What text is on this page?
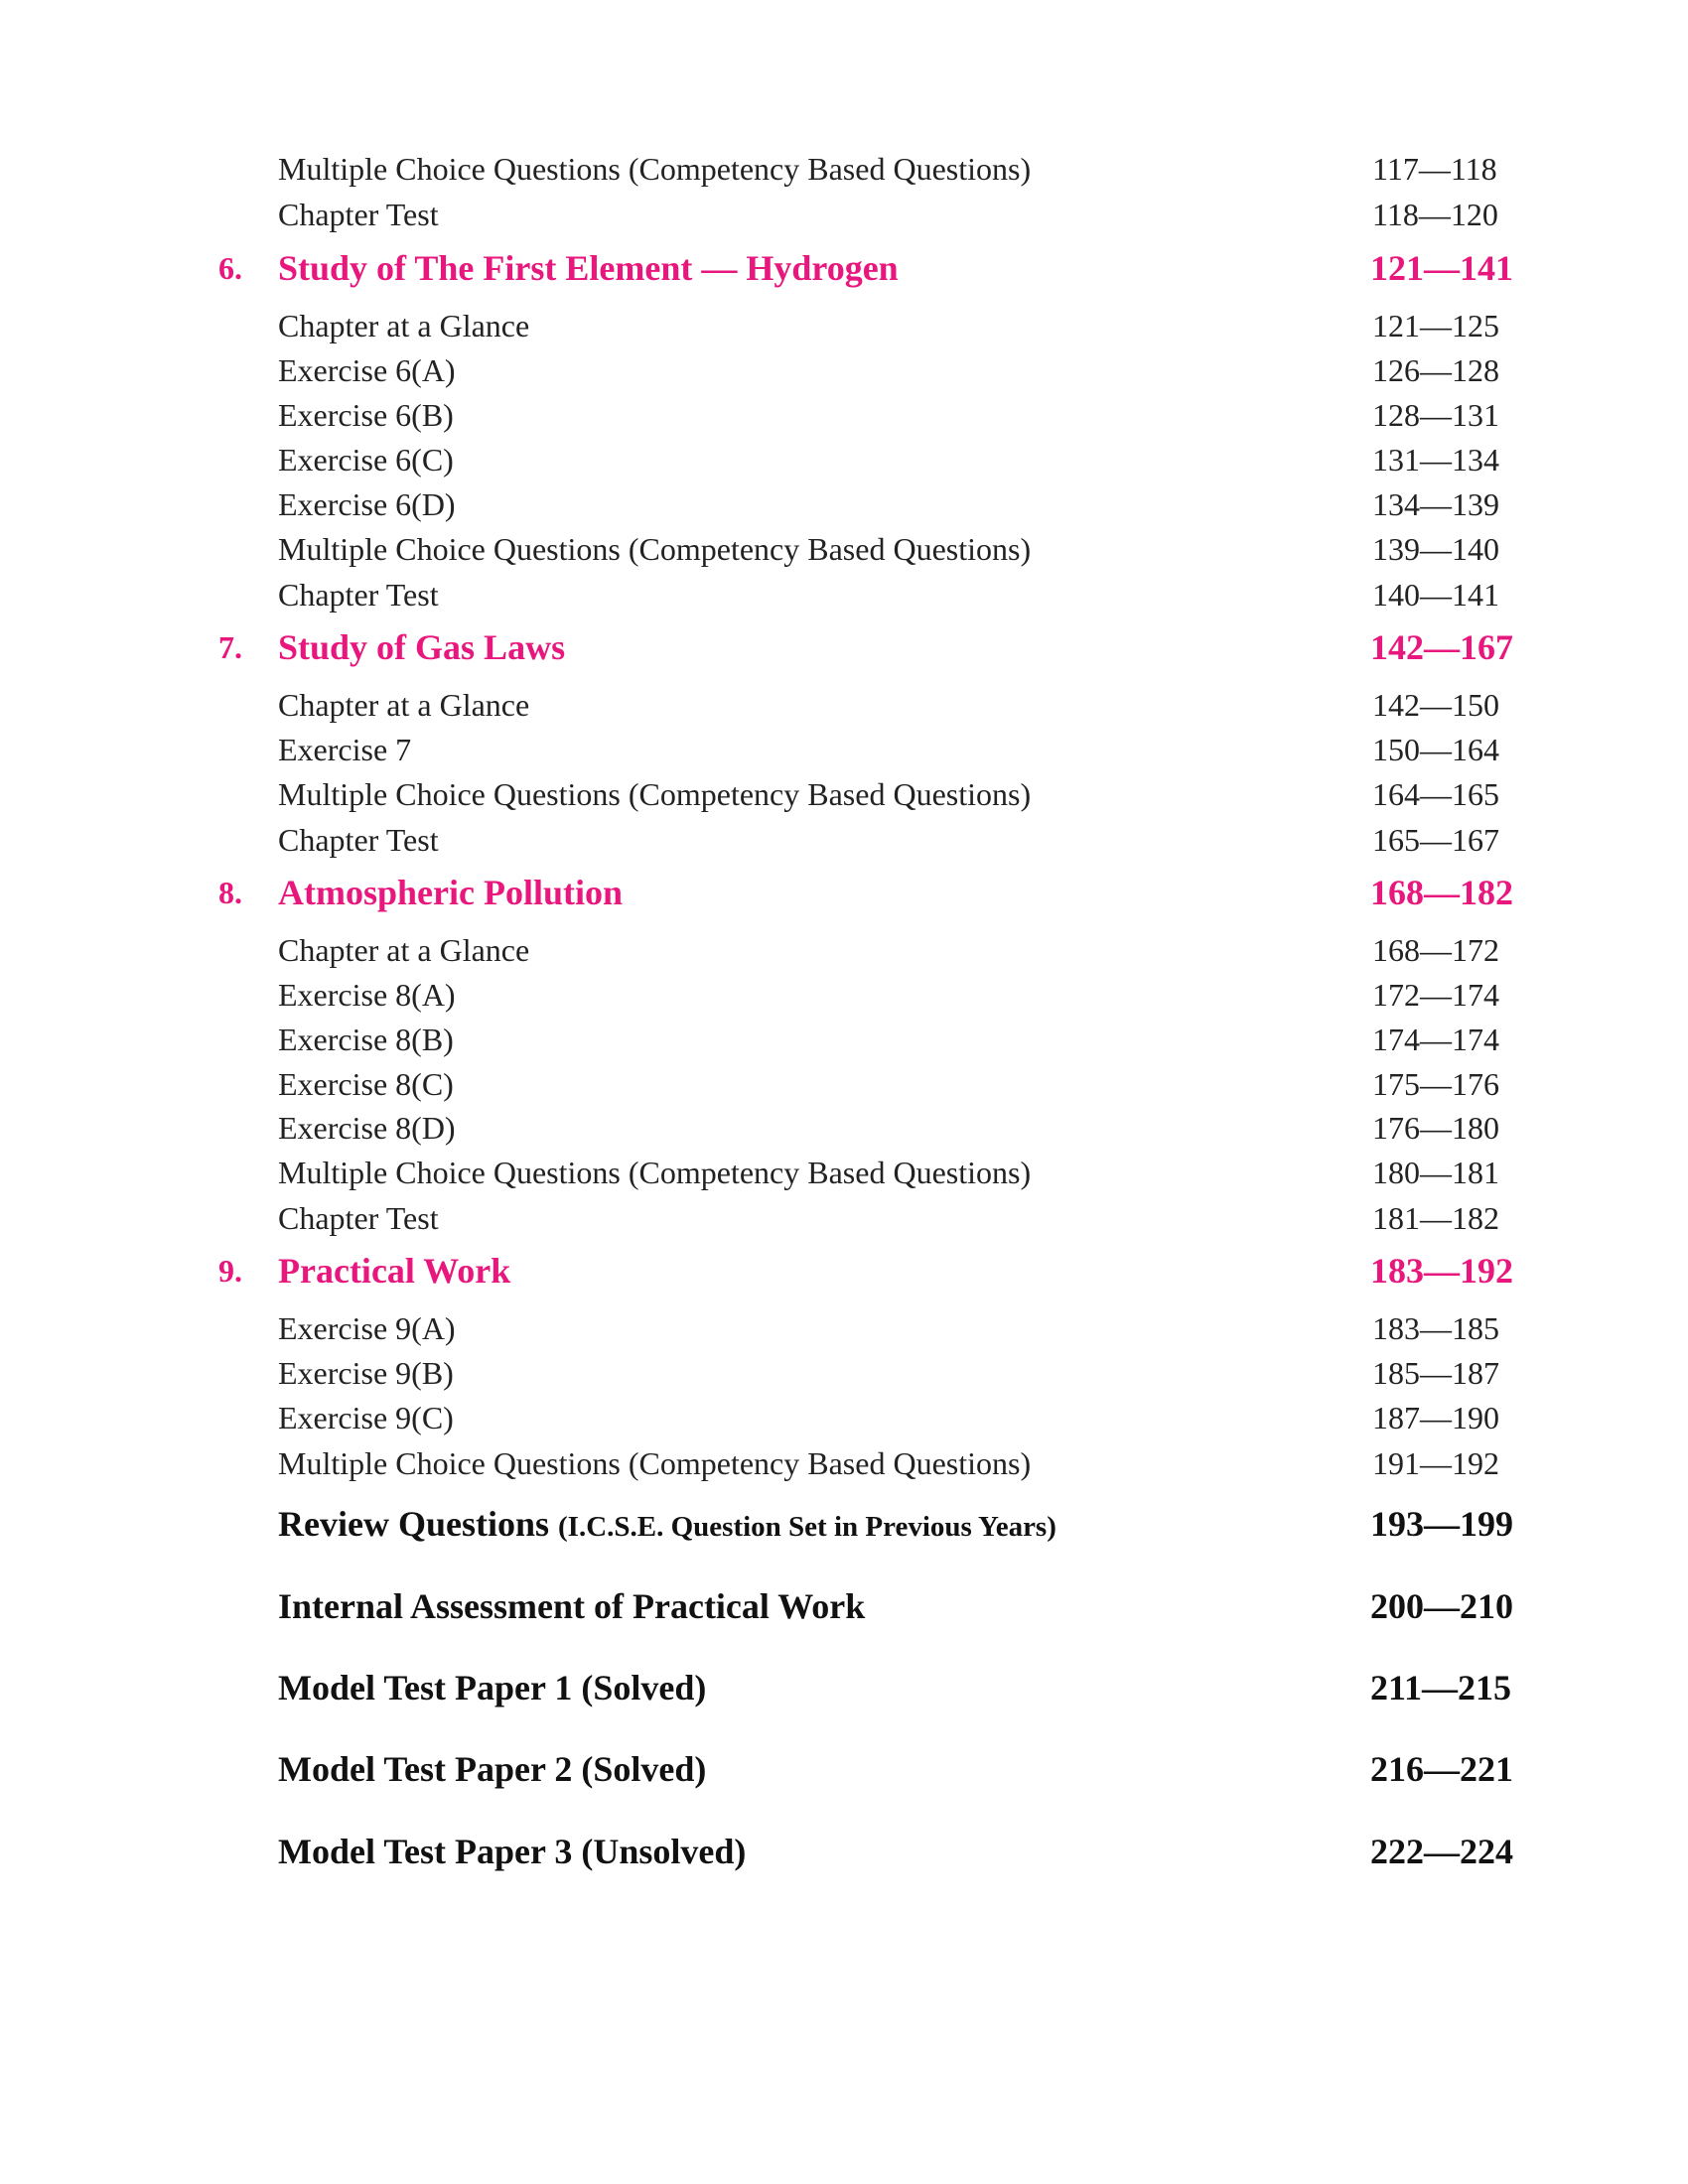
Multiple Choice Questions (Competency Based Questions)	117—118
Chapter Test	118—120
6. Study of The First Element — Hydrogen	121—141
Chapter at a Glance	121—125
Exercise 6(A)	126—128
Exercise 6(B)	128—131
Exercise 6(C)	131—134
Exercise 6(D)	134—139
Multiple Choice Questions (Competency Based Questions)	139—140
Chapter Test	140—141
7. Study of Gas Laws	142—167
Chapter at a Glance	142—150
Exercise 7	150—164
Multiple Choice Questions (Competency Based Questions)	164—165
Chapter Test	165—167
8. Atmospheric Pollution	168—182
Chapter at a Glance	168—172
Exercise 8(A)	172—174
Exercise 8(B)	174—174
Exercise 8(C)	175—176
Exercise 8(D)	176—180
Multiple Choice Questions (Competency Based Questions)	180—181
Chapter Test	181—182
9. Practical Work	183—192
Exercise 9(A)	183—185
Exercise 9(B)	185—187
Exercise 9(C)	187—190
Multiple Choice Questions (Competency Based Questions)	191—192
Review Questions (I.C.S.E. Question Set in Previous Years)	193—199
Internal Assessment of Practical Work	200—210
Model Test Paper 1 (Solved)	211—215
Model Test Paper 2 (Solved)	216—221
Model Test Paper 3 (Unsolved)	222—224
